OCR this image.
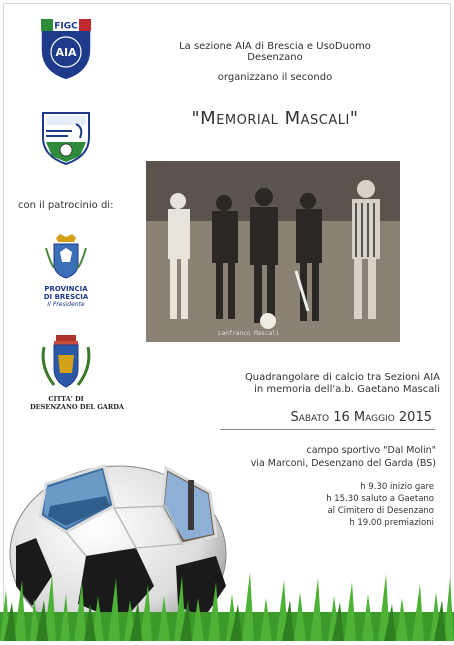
FIGC
AIA	La sezione AIA di Brescia e UsoDuomo Desenzano
organizzano il secondo
"Memorial Mascali"
con il patrocinio di:
PROVINCIA
DI BRESCIA
Il Presidente
CITTA' DI
DESENZANO DEL GARDA
Lanfranco Mascali
Quadrangolare di calcio tra Sezioni AIA
in memoria dell'a.b. Gaetano Mascali
Sabato 16 Maggio 2015
campo sportivo "Dal Molin"
via Marconi, Desenzano del Garda (BS)
h 9.30 inizio gare
h 15.30 saluto a Gaetano
al Cimitero di Desenzano
h 19.00 premiazioni
